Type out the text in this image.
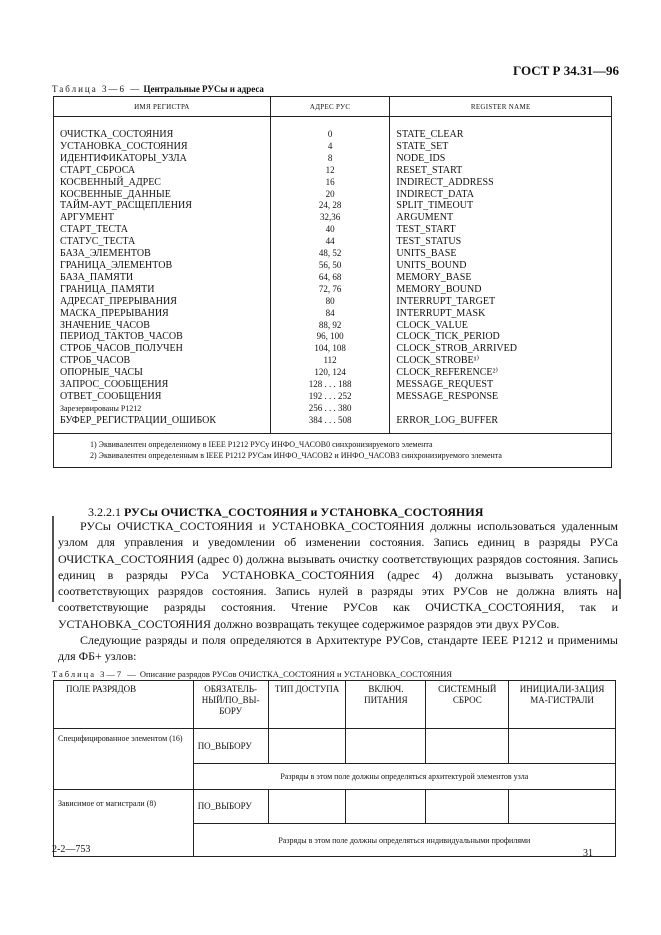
ГОСТ Р 34.31—96
Таблица 3—6 — Центральные РУСы и адреса
ИМЯ РЕГИСТРА	АДРЕС РУС	REGISTER NAME
ОЧИСТКА_СОСТОЯНИЯ	0	STATE_CLEAR
УСТАНОВКА_СОСТОЯНИЯ	4	STATE_SET
ИДЕНТИФИКАТОРЫ_УЗЛА	8	NODE_IDS
СТАРТ_СБРОСА	12	RESET_START
КОСВЕННЫЙ_АДРЕС	16	INDIRECT_ADDRESS
КОСВЕННЫЕ_ДАННЫЕ	20	INDIRECT_DATA
ТАЙМ-АУТ_РАСЩЕПЛЕНИЯ	24, 28	SPLIT_TIMEOUT
АРГУМЕНТ	32,36	ARGUMENT
СТАРТ_ТЕСТА	40	TEST_START
СТАТУС_ТЕСТА	44	TEST_STATUS
БАЗА_ЭЛЕМЕНТОВ	48, 52	UNITS_BASE
ГРАНИЦА_ЭЛЕМЕНТОВ	56, 50	UNITS_BOUND
БАЗА_ПАМЯТИ	64, 68	MEMORY_BASE
ГРАНИЦА_ПАМЯТИ	72, 76	MEMORY_BOUND
АДРЕСАТ_ПРЕРЫВАНИЯ	80	INTERRUPT_TARGET
МАСКА_ПРЕРЫВАНИЯ	84	INTERRUPT_MASK
ЗНАЧЕНИЕ_ЧАСОВ	88, 92	CLOCK_VALUE
ПЕРИОД_ТАКТОВ_ЧАСОВ	96, 100	CLOCK_TICK_PERIOD
СТРОБ_ЧАСОВ_ПОЛУЧЕН	104, 108	CLOCK_STROB_ARRIVED
СТРОБ_ЧАСОВ	112	CLOCK_STROBE¹⁾
ОПОРНЫЕ_ЧАСЫ	120, 124	CLOCK_REFERENCE²⁾
ЗАПРОС_СООБЩЕНИЯ	128 . . . 188	MESSAGE_REQUEST
ОТВЕТ_СООБЩЕНИЯ	192 . . . 252	MESSAGE_RESPONSE
Зарезервированы Р1212	256 . . . 380	
БУФЕР_РЕГИСТРАЦИИ_ОШИБОК	384 . . . 508	ERROR_LOG_BUFFER

1) Эквивалентен определенному в IEEE P1212 РУСу ИНФО_ЧАСОВ0 синхронизируемого элемента
2) Эквивалентен определенным в IEEE P1212 РУСам ИНФО_ЧАСОВ2 и ИНФО_ЧАСОВ3 синхронизируемого элемента		
3.2.2.1 РУСы ОЧИСТКА_СОСТОЯНИЯ и УСТАНОВКА_СОСТОЯНИЯ

РУСы ОЧИСТКА_СОСТОЯНИЯ и УСТАНОВКА_СОСТОЯНИЯ должны использоваться удаленным узлом для управления и уведомлении об изменении состояния. Запись единиц в разряды РУСа ОЧИСТКА_СОСТОЯНИЯ (адрес 0) должна вызывать очистку соответствующих разрядов состояния. Запись единиц в разряды РУСа УСТАНОВКА_СОСТОЯНИЯ (адрес 4) должна вызывать установку соответствующих разрядов состояния. Запись нулей в разряды этих РУСов не должна влиять на соответствующие разряды состояния. Чтение РУСов как ОЧИСТКА_СОСТОЯНИЯ, так и УСТАНОВКА_СОСТОЯНИЯ должно возвращать текущее содержимое разрядов эти двух РУСов.

Следующие разряды и поля определяются в Архитектуре РУСов, стандарте IEEE P1212 и применимы для ФБ+ узлов:

Таблица 3—7 — Описание разрядов РУСов ОЧИСТКА_СОСТОЯНИЯ и УСТАНОВКА_СОСТОЯНИЯ
ПОЛЕ РАЗРЯДОВ	ОБЯЗАТЕЛЬ-НЫЙ/ПО_ВЫ-БОРУ	ТИП ДОСТУПА	ВКЛЮЧ. ПИТАНИЯ	СИСТЕМНЫЙ СБРОС	ИНИЦИАЛИ-ЗАЦИЯ МА-ГИСТРАЛИ
Специфицированное элементом (16)	ПО_ВЫБОРУ				
	Разряды в этом поле должны определяться архитектурой элементов узла				
Зависимое от магистрали (8)	ПО_ВЫБОРУ				
	Разряды в этом поле должны определяться индивидуальными профилями				
2-2—753	31
